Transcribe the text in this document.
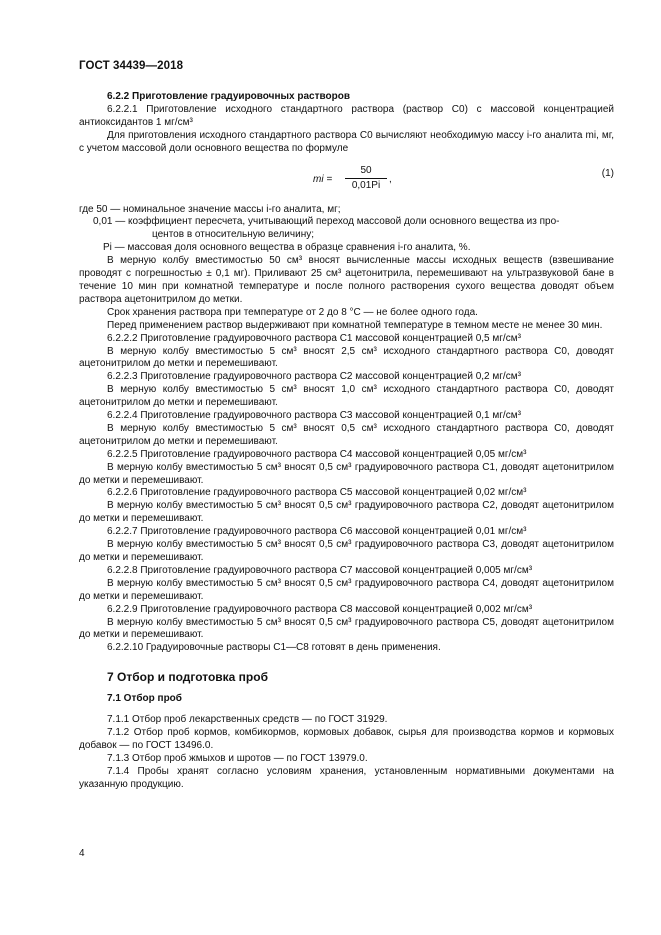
ГОСТ 34439—2018

6.2.2 Приготовление градуировочных растворов

6.2.2.1 Приготовление исходного стандартного раствора (раствор C0) с массовой концентрацией антиоксидантов 1 мг/см³

Для приготовления исходного стандартного раствора C0 вычисляют необходимую массу i-го аналита mi, мг, с учетом массовой доли основного вещества по формуле

mi = $\frac{50}{0,01Pi}$ ,
(1)

где 50 — номинальное значение массы i-го аналита, мг;

0,01 — коэффициент пересчета, учитывающий переход массовой доли основного вещества из про-

центов в относительную величину;

Pi — массовая доля основного вещества в образце сравнения i-го аналита, %.

В мерную колбу вместимостью 50 см³ вносят вычисленные массы исходных веществ (взвешивание проводят с погрешностью ± 0,1 мг). Приливают 25 см³ ацетонитрила, перемешивают на ультразвуковой бане в течение 10 мин при комнатной температуре и после полного растворения сухого вещества доводят объем раствора ацетонитрилом до метки.

Срок хранения раствора при температуре от 2 до 8 °C — не более одного года.

Перед применением раствор выдерживают при комнатной температуре в темном месте не менее 30 мин.

6.2.2.2 Приготовление градуировочного раствора C1 массовой концентрацией 0,5 мг/см³

В мерную колбу вместимостью 5 см³ вносят 2,5 см³ исходного стандартного раствора C0, доводят ацетонитрилом до метки и перемешивают.

6.2.2.3 Приготовление градуировочного раствора C2 массовой концентрацией 0,2 мг/см³

В мерную колбу вместимостью 5 см³ вносят 1,0 см³ исходного стандартного раствора C0, доводят ацетонитрилом до метки и перемешивают.

6.2.2.4 Приготовление градуировочного раствора C3 массовой концентрацией 0,1 мг/см³

В мерную колбу вместимостью 5 см³ вносят 0,5 см³ исходного стандартного раствора C0, доводят ацетонитрилом до метки и перемешивают.

6.2.2.5 Приготовление градуировочного раствора C4 массовой концентрацией 0,05 мг/см³

В мерную колбу вместимостью 5 см³ вносят 0,5 см³ градуировочного раствора C1, доводят ацетонитрилом до метки и перемешивают.

6.2.2.6 Приготовление градуировочного раствора C5 массовой концентрацией 0,02 мг/см³

В мерную колбу вместимостью 5 см³ вносят 0,5 см³ градуировочного раствора C2, доводят ацетонитрилом до метки и перемешивают.

6.2.2.7 Приготовление градуировочного раствора C6 массовой концентрацией 0,01 мг/см³

В мерную колбу вместимостью 5 см³ вносят 0,5 см³ градуировочного раствора C3, доводят ацетонитрилом до метки и перемешивают.

6.2.2.8 Приготовление градуировочного раствора C7 массовой концентрацией 0,005 мг/см³

В мерную колбу вместимостью 5 см³ вносят 0,5 см³ градуировочного раствора C4, доводят ацетонитрилом до метки и перемешивают.

6.2.2.9 Приготовление градуировочного раствора C8 массовой концентрацией 0,002 мг/см³

В мерную колбу вместимостью 5 см³ вносят 0,5 см³ градуировочного раствора C5, доводят ацетонитрилом до метки и перемешивают.

6.2.2.10 Градуировочные растворы C1—C8 готовят в день применения.

7 Отбор и подготовка проб

7.1 Отбор проб

7.1.1 Отбор проб лекарственных средств — по ГОСТ 31929.

7.1.2 Отбор проб кормов, комбикормов, кормовых добавок, сырья для производства кормов и кормовых добавок — по ГОСТ 13496.0.

7.1.3 Отбор проб жмыхов и шротов — по ГОСТ 13979.0.

7.1.4 Пробы хранят согласно условиям хранения, установленным нормативными документами на указанную продукцию.

4
